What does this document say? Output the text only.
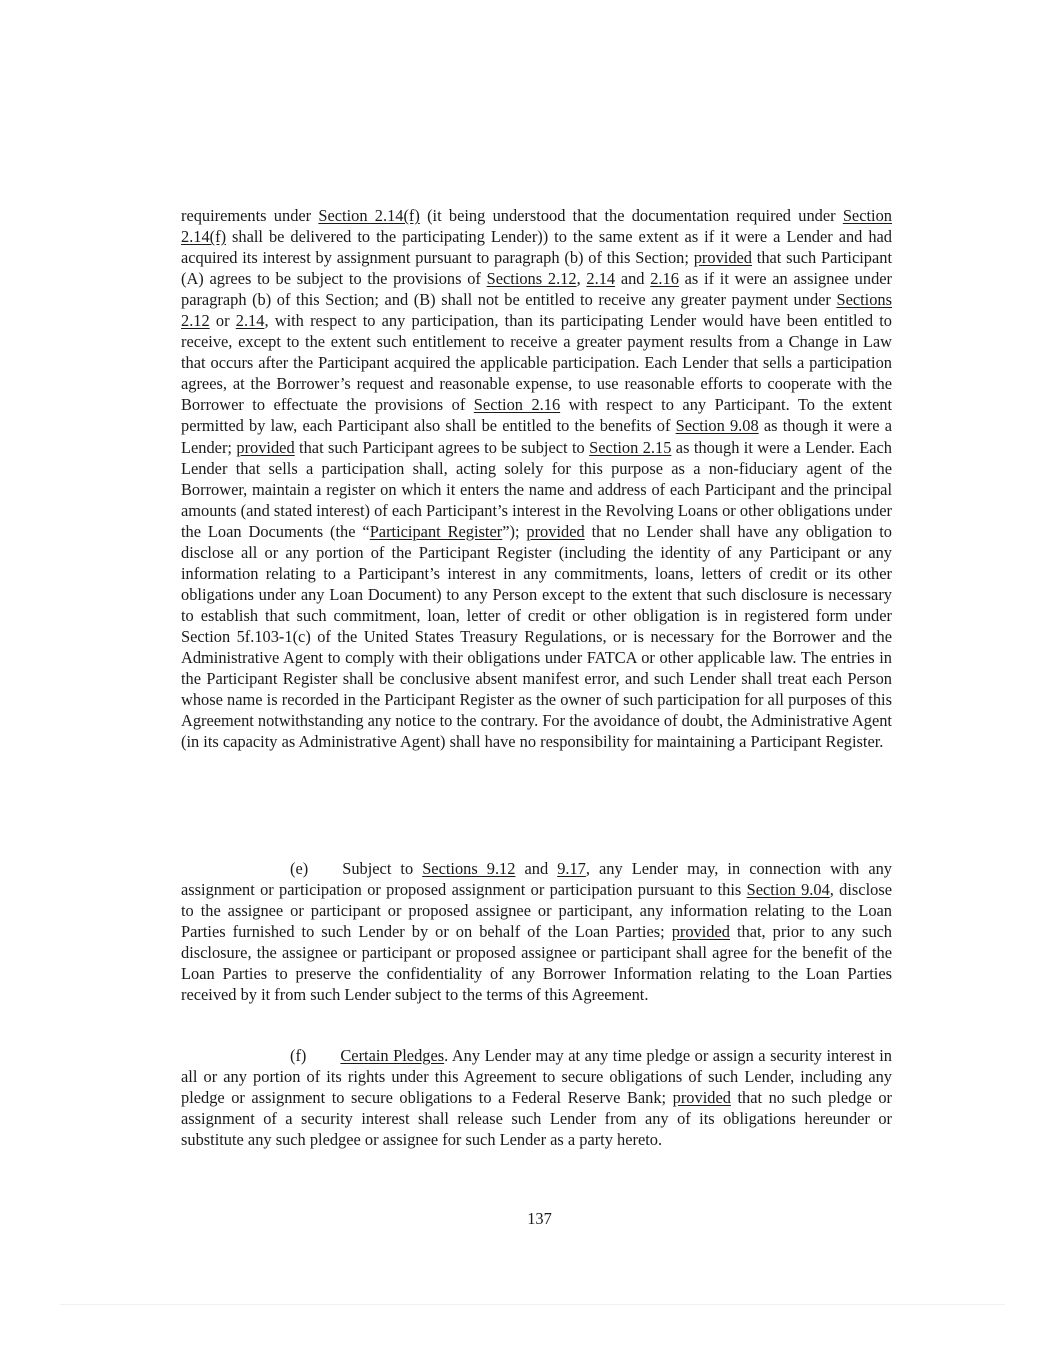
requirements under Section 2.14(f) (it being understood that the documentation required under Section 2.14(f) shall be delivered to the participating Lender)) to the same extent as if it were a Lender and had acquired its interest by assignment pursuant to paragraph (b) of this Section; provided that such Participant (A) agrees to be subject to the provisions of Sections 2.12, 2.14 and 2.16 as if it were an assignee under paragraph (b) of this Section; and (B) shall not be entitled to receive any greater payment under Sections 2.12 or 2.14, with respect to any participation, than its participating Lender would have been entitled to receive, except to the extent such entitlement to receive a greater payment results from a Change in Law that occurs after the Participant acquired the applicable participation. Each Lender that sells a participation agrees, at the Borrower’s request and reasonable expense, to use reasonable efforts to cooperate with the Borrower to effectuate the provisions of Section 2.16 with respect to any Participant. To the extent permitted by law, each Participant also shall be entitled to the benefits of Section 9.08 as though it were a Lender; provided that such Participant agrees to be subject to Section 2.15 as though it were a Lender. Each Lender that sells a participation shall, acting solely for this purpose as a non-fiduciary agent of the Borrower, maintain a register on which it enters the name and address of each Participant and the principal amounts (and stated interest) of each Participant’s interest in the Revolving Loans or other obligations under the Loan Documents (the “Participant Register”); provided that no Lender shall have any obligation to disclose all or any portion of the Participant Register (including the identity of any Participant or any information relating to a Participant’s interest in any commitments, loans, letters of credit or its other obligations under any Loan Document) to any Person except to the extent that such disclosure is necessary to establish that such commitment, loan, letter of credit or other obligation is in registered form under Section 5f.103-1(c) of the United States Treasury Regulations, or is necessary for the Borrower and the Administrative Agent to comply with their obligations under FATCA or other applicable law. The entries in the Participant Register shall be conclusive absent manifest error, and such Lender shall treat each Person whose name is recorded in the Participant Register as the owner of such participation for all purposes of this Agreement notwithstanding any notice to the contrary. For the avoidance of doubt, the Administrative Agent (in its capacity as Administrative Agent) shall have no responsibility for maintaining a Participant Register.

(e) Subject to Sections 9.12 and 9.17, any Lender may, in connection with any assignment or participation or proposed assignment or participation pursuant to this Section 9.04, disclose to the assignee or participant or proposed assignee or participant, any information relating to the Loan Parties furnished to such Lender by or on behalf of the Loan Parties; provided that, prior to any such disclosure, the assignee or participant or proposed assignee or participant shall agree for the benefit of the Loan Parties to preserve the confidentiality of any Borrower Information relating to the Loan Parties received by it from such Lender subject to the terms of this Agreement.

(f) Certain Pledges. Any Lender may at any time pledge or assign a security interest in all or any portion of its rights under this Agreement to secure obligations of such Lender, including any pledge or assignment to secure obligations to a Federal Reserve Bank; provided that no such pledge or assignment of a security interest shall release such Lender from any of its obligations hereunder or substitute any such pledgee or assignee for such Lender as a party hereto.

137
